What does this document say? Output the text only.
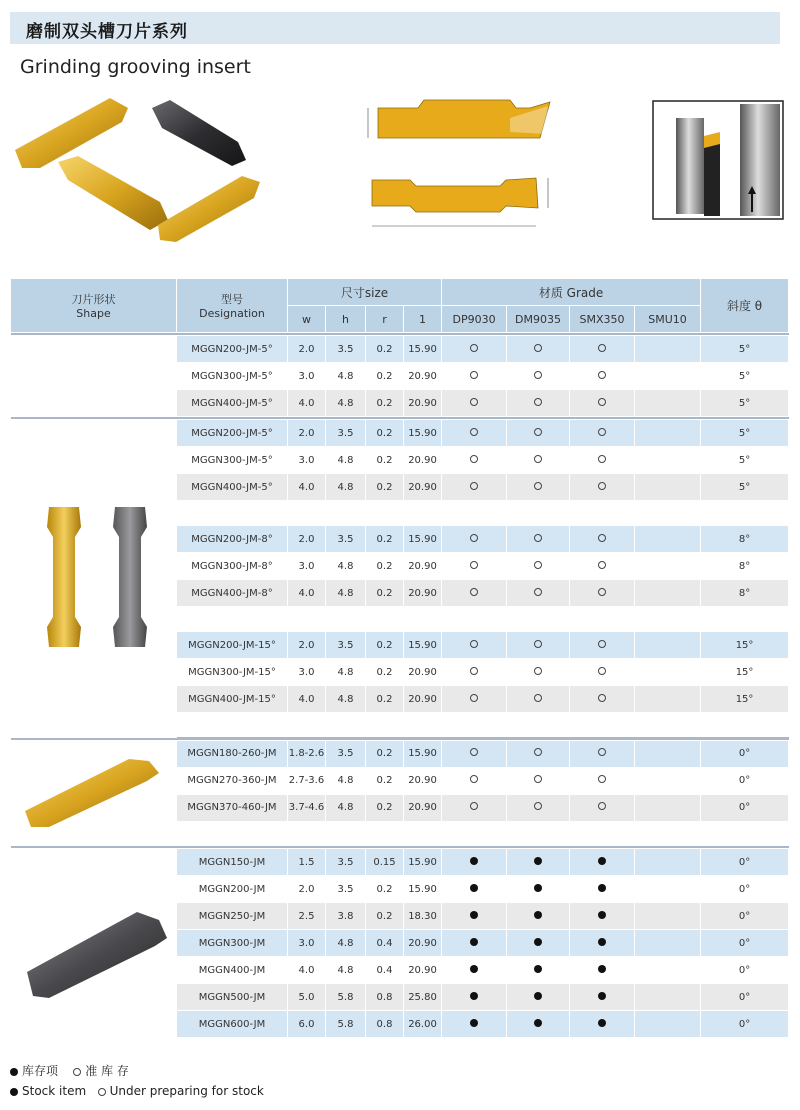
磨制双头槽刀片系列
Grinding grooving insert
刀片形状
Shape	型号
Designation	尺寸size				材质 Grade				斜度 θ
		w	h	r	1	DP9030	DM9035	SMX350	SMU10	

	MGGN200-JM-5°	2.0	3.5	0.2	15.90					5°
	MGGN300-JM-5°	3.0	4.8	0.2	20.90					5°
	MGGN400-JM-5°	4.0	4.8	0.2	20.90					5°

	MGGN200-JM-5°	2.0	3.5	0.2	15.90					5°
	MGGN300-JM-5°	3.0	4.8	0.2	20.90					5°
	MGGN400-JM-5°	4.0	4.8	0.2	20.90					5°

	MGGN200-JM-8°	2.0	3.5	0.2	15.90					8°
	MGGN300-JM-8°	3.0	4.8	0.2	20.90					8°
	MGGN400-JM-8°	4.0	4.8	0.2	20.90					8°

	MGGN200-JM-15°	2.0	3.5	0.2	15.90					15°
	MGGN300-JM-15°	3.0	4.8	0.2	20.90					15°
	MGGN400-JM-15°	4.0	4.8	0.2	20.90					15°

	MGGN180-260-JM	1.8-2.6	3.5	0.2	15.90					0°
	MGGN270-360-JM	2.7-3.6	4.8	0.2	20.90					0°
	MGGN370-460-JM	3.7-4.6	4.8	0.2	20.90					0°

	MGGN150-JM	1.5	3.5	0.15	15.90					0°
	MGGN200-JM	2.0	3.5	0.2	15.90					0°
	MGGN250-JM	2.5	3.8	0.2	18.30					0°
	MGGN300-JM	3.0	4.8	0.4	20.90					0°
	MGGN400-JM	4.0	4.8	0.4	20.90					0°
	MGGN500-JM	5.0	5.8	0.8	25.80					0°
	MGGN600-JM	6.0	5.8	0.8	26.00					0°
库存项 准 库 存
Stock item Under preparing for stock
